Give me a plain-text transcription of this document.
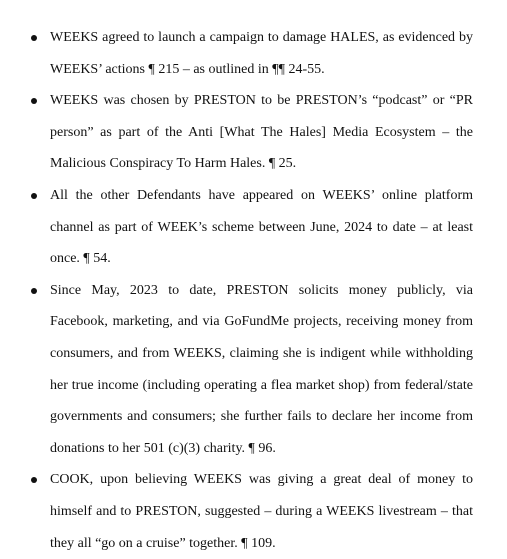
WEEKS agreed to launch a campaign to damage HALES, as evidenced by WEEKS’ actions ¶ 215 – as outlined in ¶¶ 24-55.
WEEKS was chosen by PRESTON to be PRESTON’s “podcast” or “PR person” as part of the Anti [What The Hales] Media Ecosystem – the Malicious Conspiracy To Harm Hales. ¶ 25.
All the other Defendants have appeared on WEEKS’ online platform channel as part of WEEK’s scheme between June, 2024 to date – at least once. ¶ 54.
Since May, 2023 to date, PRESTON solicits money publicly, via Facebook, marketing, and via GoFundMe projects, receiving money from consumers, and from WEEKS, claiming she is indigent while withholding her true income (including operating a flea market shop) from federal/state governments and consumers; she further fails to declare her income from donations to her 501 (c)(3) charity. ¶ 96.
COOK, upon believing WEEKS was giving a great deal of money to himself and to PRESTON, suggested – during a WEEKS livestream – that they all “go on a cruise” together. ¶ 109.
